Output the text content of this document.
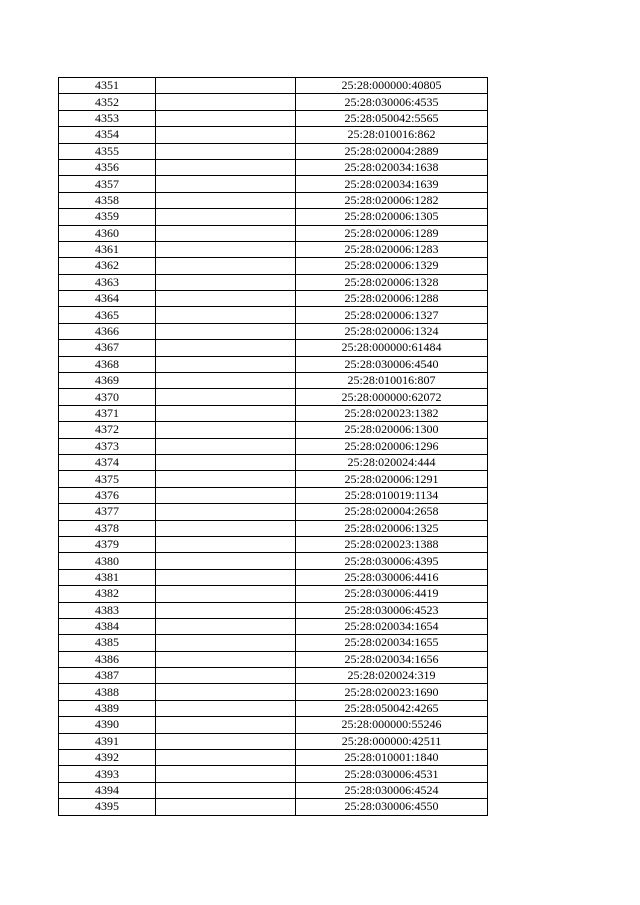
4351		25:28:000000:40805
4352		25:28:030006:4535
4353		25:28:050042:5565
4354		25:28:010016:862
4355		25:28:020004:2889
4356		25:28:020034:1638
4357		25:28:020034:1639
4358		25:28:020006:1282
4359		25:28:020006:1305
4360		25:28:020006:1289
4361		25:28:020006:1283
4362		25:28:020006:1329
4363		25:28:020006:1328
4364		25:28:020006:1288
4365		25:28:020006:1327
4366		25:28:020006:1324
4367		25:28:000000:61484
4368		25:28:030006:4540
4369		25:28:010016:807
4370		25:28:000000:62072
4371		25:28:020023:1382
4372		25:28:020006:1300
4373		25:28:020006:1296
4374		25:28:020024:444
4375		25:28:020006:1291
4376		25:28:010019:1134
4377		25:28:020004:2658
4378		25:28:020006:1325
4379		25:28:020023:1388
4380		25:28:030006:4395
4381		25:28:030006:4416
4382		25:28:030006:4419
4383		25:28:030006:4523
4384		25:28:020034:1654
4385		25:28:020034:1655
4386		25:28:020034:1656
4387		25:28:020024:319
4388		25:28:020023:1690
4389		25:28:050042:4265
4390		25:28:000000:55246
4391		25:28:000000:42511
4392		25:28:010001:1840
4393		25:28:030006:4531
4394		25:28:030006:4524
4395		25:28:030006:4550
